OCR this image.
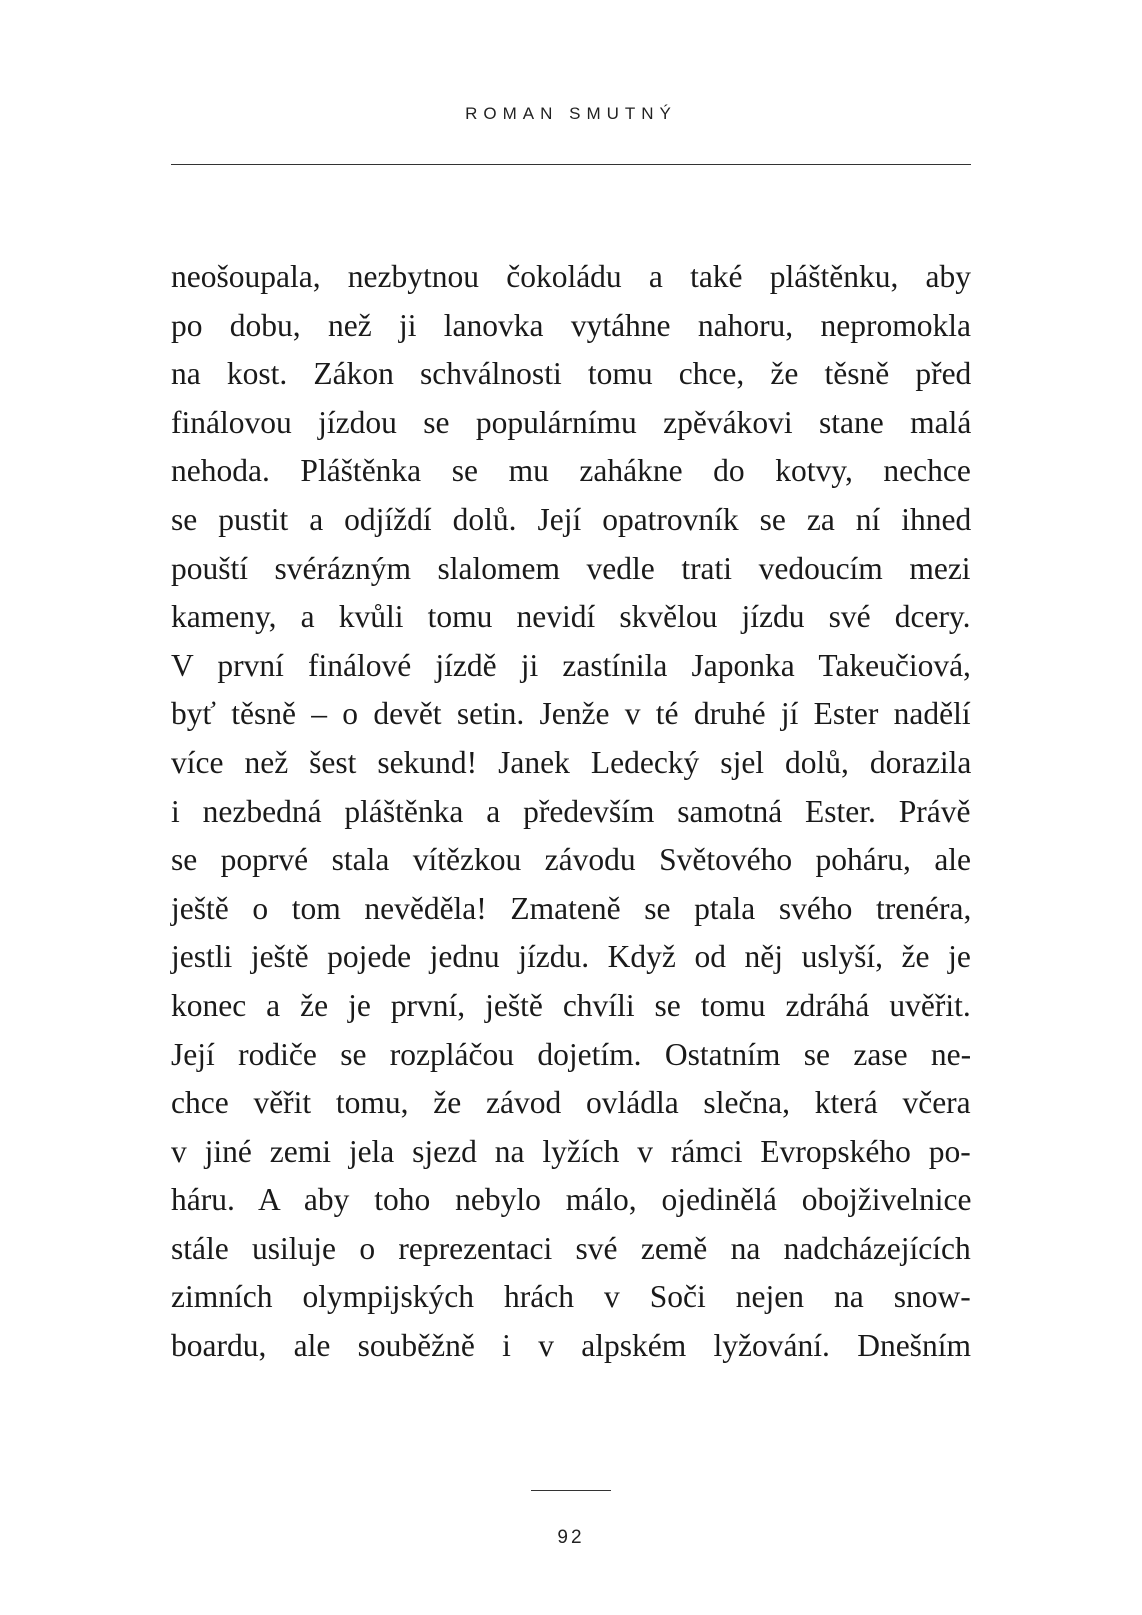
ROMAN SMUTNÝ
neošoupala, nezbytnou čokoládu a také pláštěnku, aby
po dobu, než ji lanovka vytáhne nahoru, nepromokla
na kost. Zákon schválnosti tomu chce, že těsně před
finálovou jízdou se populárnímu zpěvákovi stane malá
nehoda. Pláštěnka se mu zahákne do kotvy, nechce
se pustit a odjíždí dolů. Její opatrovník se za ní ihned
pouští svérázným slalomem vedle trati vedoucím mezi
kameny, a kvůli tomu nevidí skvělou jízdu své dcery.
V první finálové jízdě ji zastínila Japonka Takeučiová,
byť těsně – o devět setin. Jenže v té druhé jí Ester nadělí
více než šest sekund! Janek Ledecký sjel dolů, dorazila
i nezbedná pláštěnka a především samotná Ester. Právě
se poprvé stala vítězkou závodu Světového poháru, ale
ještě o tom nevěděla! Zmateně se ptala svého trenéra,
jestli ještě pojede jednu jízdu. Když od něj uslyší, že je
konec a že je první, ještě chvíli se tomu zdráhá uvěřit.
Její rodiče se rozpláčou dojetím. Ostatním se zase ne-
chce věřit tomu, že závod ovládla slečna, která včera
v jiné zemi jela sjezd na lyžích v rámci Evropského po-
háru. A aby toho nebylo málo, ojedinělá obojživelnice
stále usiluje o reprezentaci své země na nadcházejících
zimních olympijských hrách v Soči nejen na snow-
boardu, ale souběžně i v alpském lyžování. Dnešním
92
